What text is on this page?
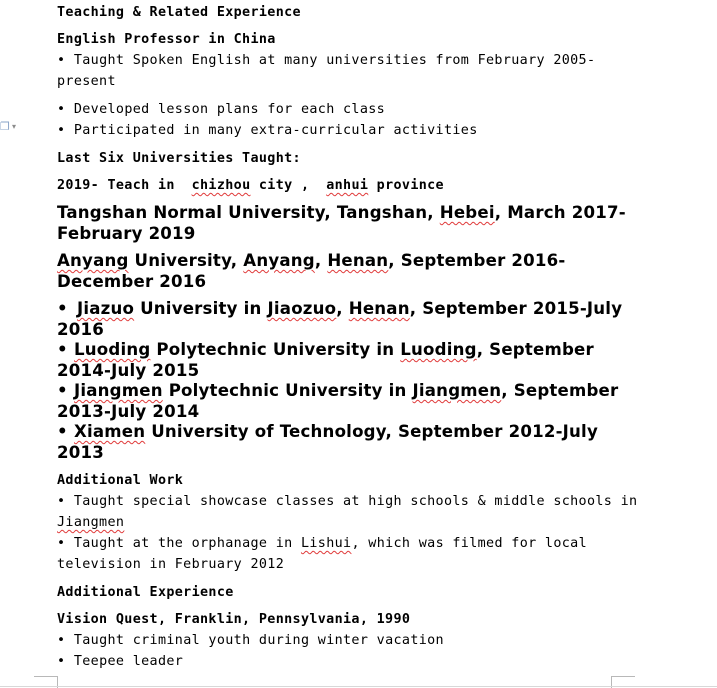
❐ ▾
Teaching & Related Experience
English Professor in China
• Taught Spoken English at many universities from February 2005-
present
• Developed lesson plans for each class
• Participated in many extra-curricular activities
Last Six Universities Taught:
2019- Teach in  chizhou city ,  anhui province
Tangshan Normal University, Tangshan, Hebei, March 2017-
February 2019
Anyang University, Anyang, Henan, September 2016-
December 2016
• Jiazuo University in Jiaozuo, Henan, September 2015-July
2016
• Luoding Polytechnic University in Luoding, September
2014-July 2015
• Jiangmen Polytechnic University in Jiangmen, September
2013-July 2014
• Xiamen University of Technology, September 2012-July
2013
Additional Work
• Taught special showcase classes at high schools & middle schools in
Jiangmen
• Taught at the orphanage in Lishui, which was filmed for local
television in February 2012
Additional Experience
Vision Quest, Franklin, Pennsylvania, 1990
• Taught criminal youth during winter vacation
• Teepee leader
